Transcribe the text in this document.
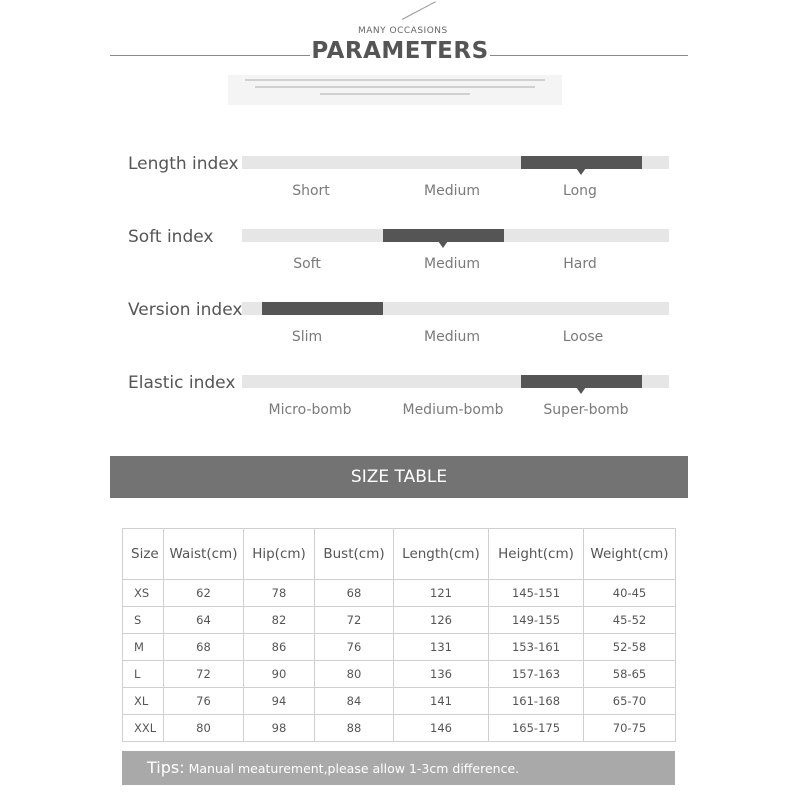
MANY OCCASIONS
PARAMETERS
Length index
Short	Medium	Long
Soft index
Soft	Medium	Hard
Version index
Slim	Medium	Loose
Elastic index
Micro-bomb	Medium-bomb	Super-bomb
SIZE TABLE
Size	Waist(cm)	Hip(cm)	Bust(cm)	Length(cm)	Height(cm)	Weight(cm)
XS	62	78	68	121	145-151	40-45
S	64	82	72	126	149-155	45-52
M	68	86	76	131	153-161	52-58
L	72	90	80	136	157-163	58-65
XL	76	94	84	141	161-168	65-70
XXL	80	98	88	146	165-175	70-75
Tips: Manual meaturement,please allow 1-3cm difference.
